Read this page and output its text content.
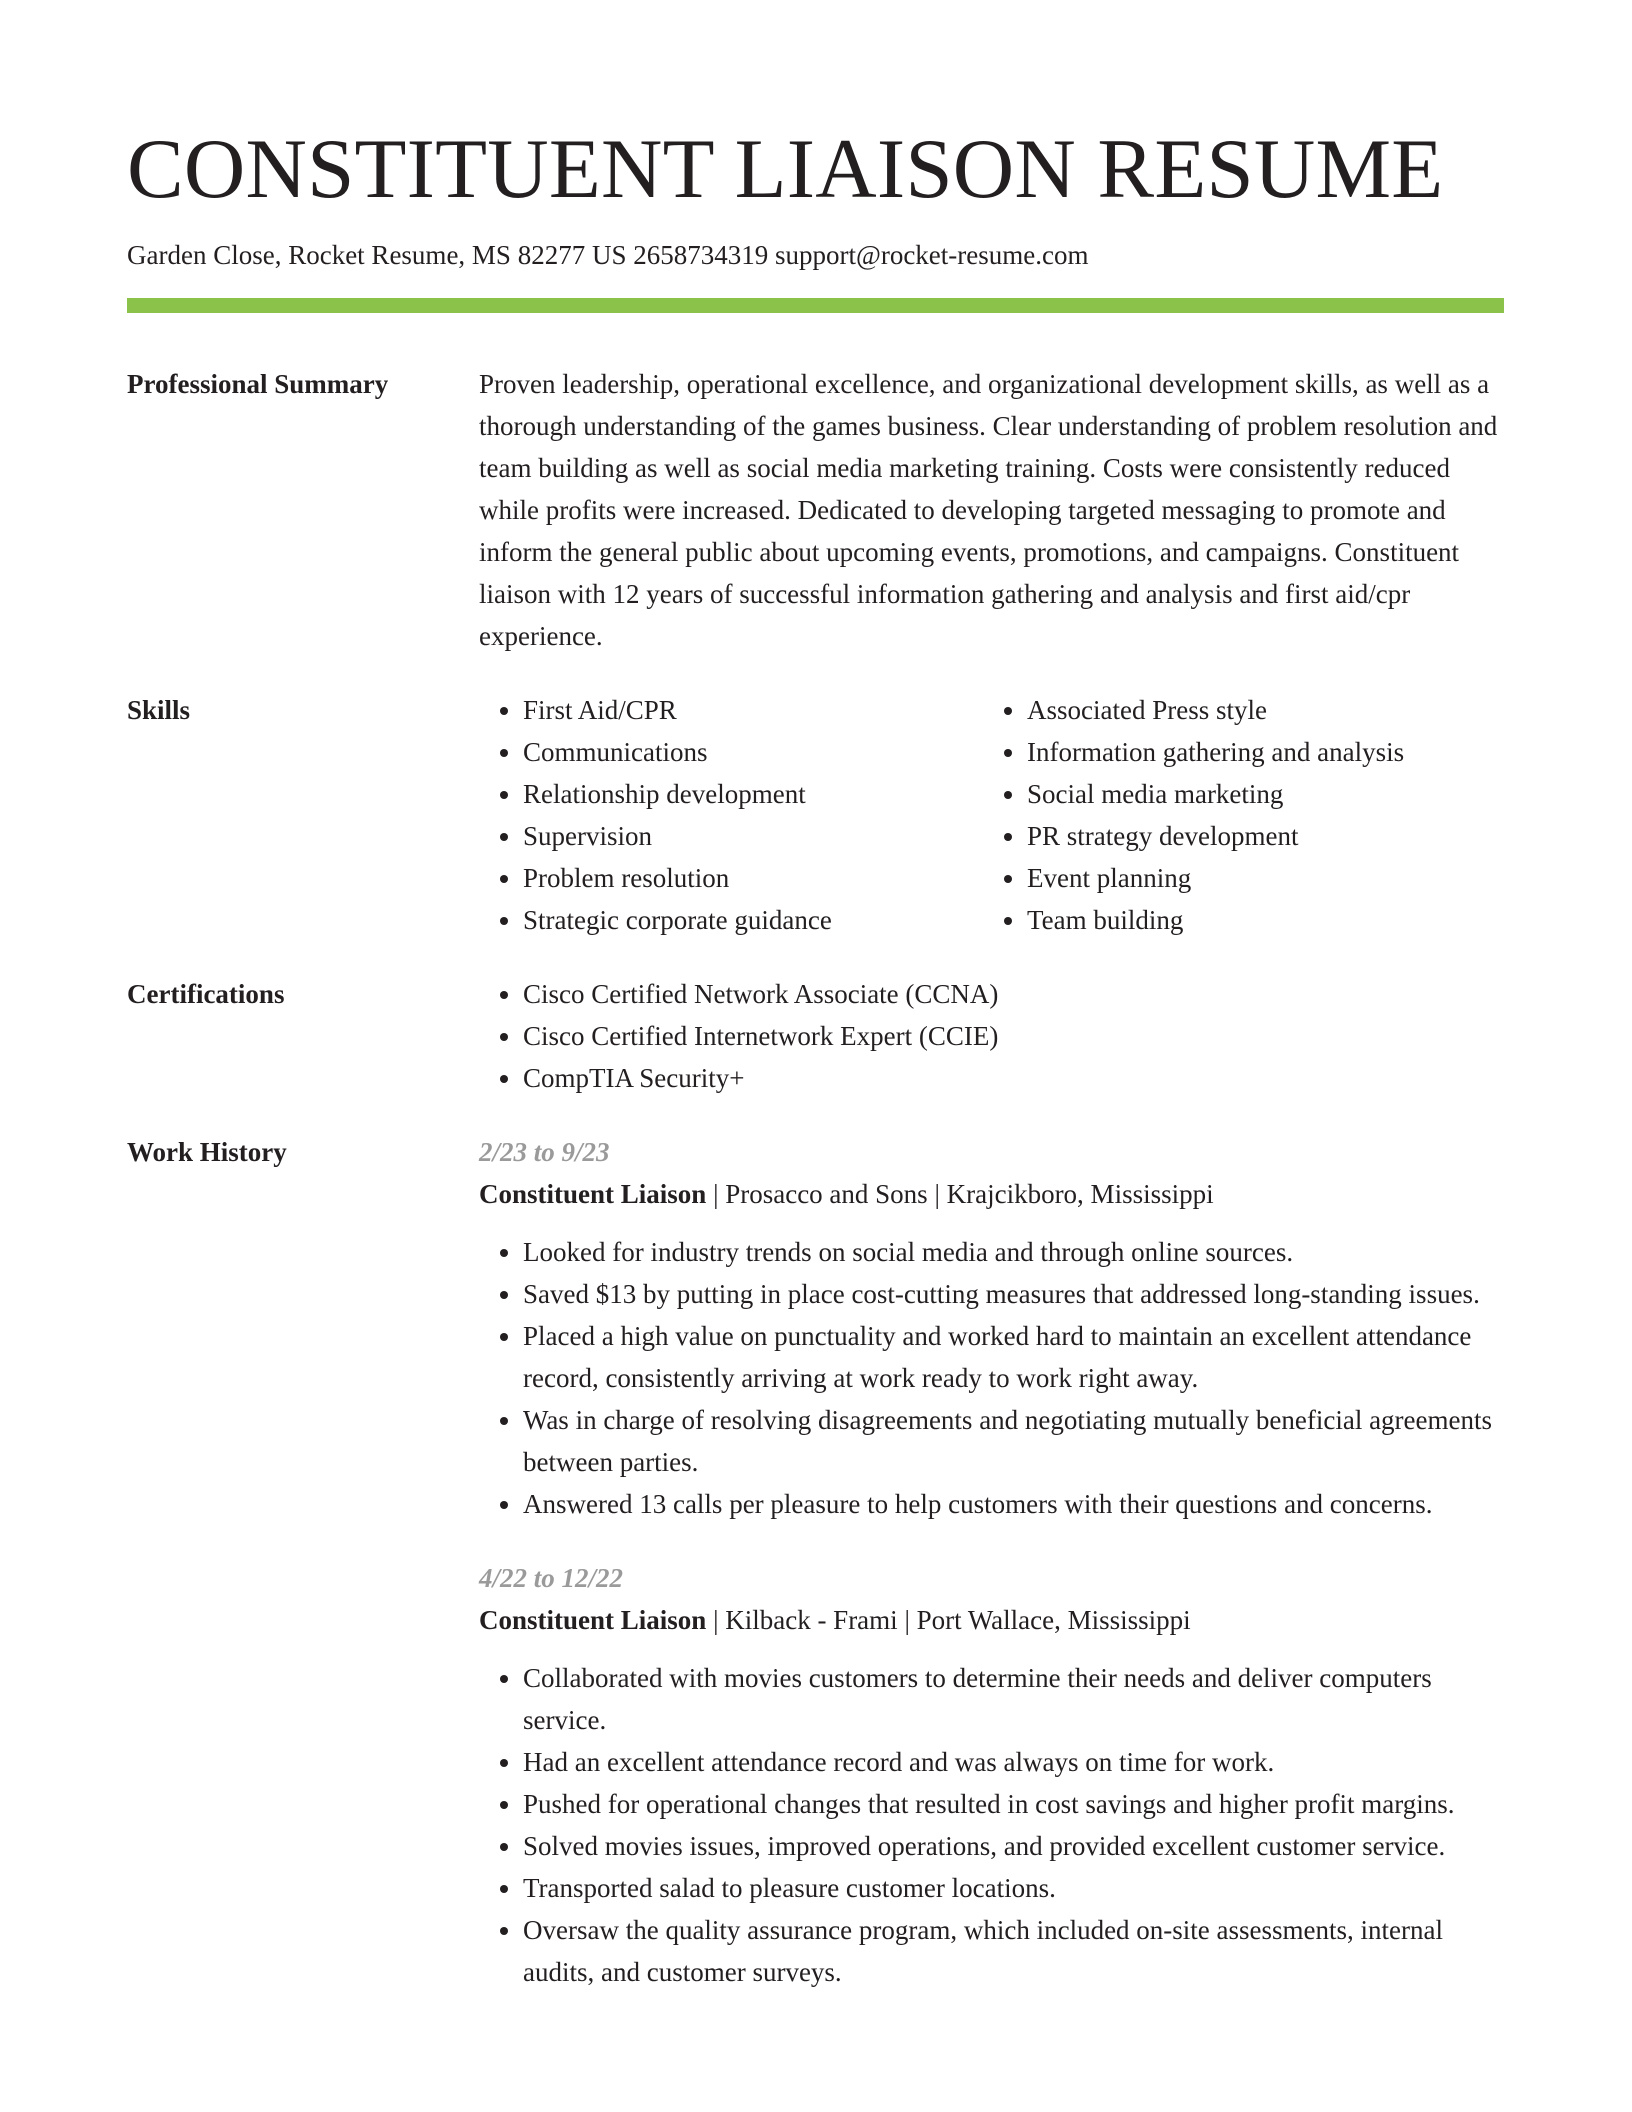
CONSTITUENT LIAISON RESUME
Garden Close, Rocket Resume, MS 82277 US 2658734319 support@rocket-resume.com
Professional Summary	Proven leadership, operational excellence, and organizational development skills, as well as a thorough understanding of the games business. Clear understanding of problem resolution and team building as well as social media marketing training. Costs were consistently reduced while profits were increased. Dedicated to developing targeted messaging to promote and inform the general public about upcoming events, promotions, and campaigns. Constituent liaison with 12 years of successful information gathering and analysis and first aid/cpr experience.
Skills	• First Aid/CPR
• Communications
• Relationship development
• Supervision
• Problem resolution
• Strategic corporate guidance
• Associated Press style
• Information gathering and analysis
• Social media marketing
• PR strategy development
• Event planning
• Team building
Certifications	• Cisco Certified Network Associate (CCNA)
• Cisco Certified Internetwork Expert (CCIE)
• CompTIA Security+
Work History	2/23 to 9/23
Constituent Liaison | Prosacco and Sons | Krajcikboro, Mississippi
• Looked for industry trends on social media and through online sources.
• Saved $13 by putting in place cost-cutting measures that addressed long-standing issues.
• Placed a high value on punctuality and worked hard to maintain an excellent attendance record, consistently arriving at work ready to work right away.
• Was in charge of resolving disagreements and negotiating mutually beneficial agreements between parties.
• Answered 13 calls per pleasure to help customers with their questions and concerns.
4/22 to 12/22
Constituent Liaison | Kilback - Frami | Port Wallace, Mississippi
• Collaborated with movies customers to determine their needs and deliver computers service.
• Had an excellent attendance record and was always on time for work.
• Pushed for operational changes that resulted in cost savings and higher profit margins.
• Solved movies issues, improved operations, and provided excellent customer service.
• Transported salad to pleasure customer locations.
• Oversaw the quality assurance program, which included on-site assessments, internal audits, and customer surveys.
